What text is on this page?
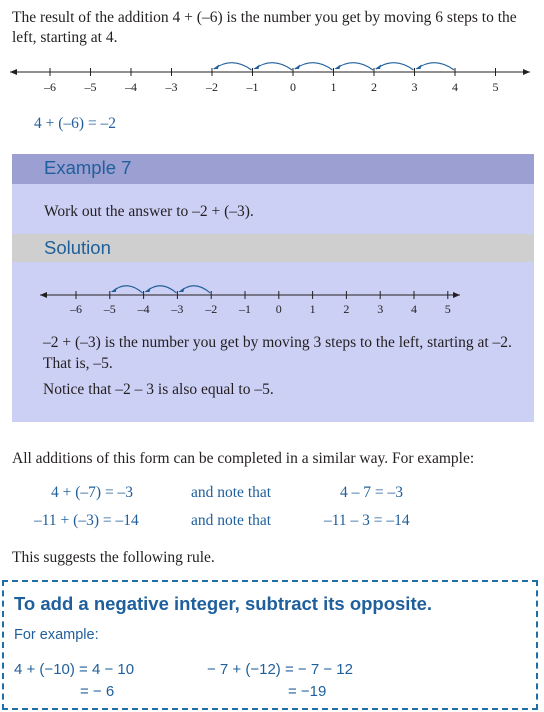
The result of the addition 4 + (–6) is the number you get by moving 6 steps to the left, starting at 4.
–6 –5 –4 –3 –2 –1	0	1	2	3	4	5
4 + (–6) = –2
Example 7
Work out the answer to –2 + (–3).
Solution
–6 –5 –4 –3 –2 –1 0 1 2 3 4 5
–2 + (–3) is the number you get by moving 3 steps to the left, starting at –2. That is, –5.
Notice that –2 – 3 is also equal to –5.
All additions of this form can be completed in a similar way. For example:
4 + (–7) = –3	and note that	4 – 7 = –3
–11 + (–3) = –14	and note that	–11 – 3 = –14
This suggests the following rule.
To add a negative integer, subtract its opposite.
For example:
4 + (−10) = 4 − 10
= − 6
− 7 + (−12) = − 7 − 12
= −19
